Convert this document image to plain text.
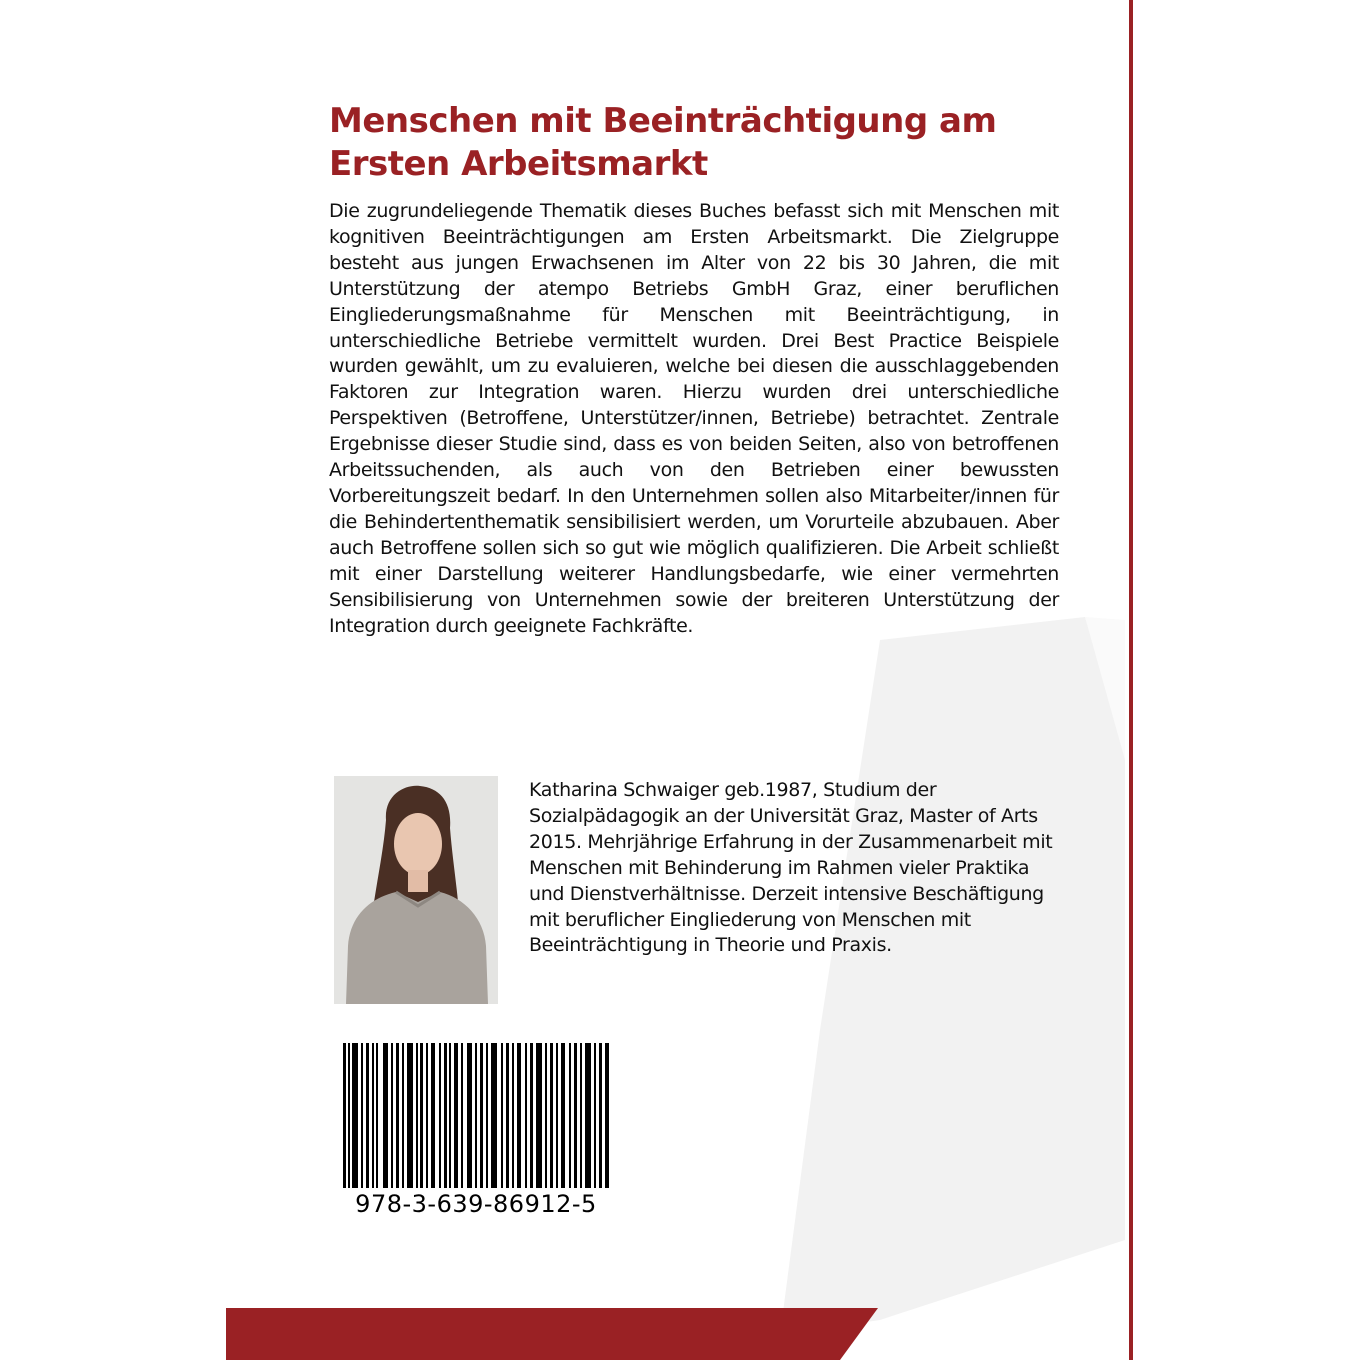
Menschen mit Beeinträchtigung am Ersten Arbeitsmarkt

Die zugrundeliegende Thematik dieses Buches befasst sich mit Menschen mit kognitiven Beeinträchtigungen am Ersten Arbeitsmarkt. Die Zielgruppe besteht aus jungen Erwachsenen im Alter von 22 bis 30 Jahren, die mit Unterstützung der atempo Betriebs GmbH Graz, einer beruflichen Eingliederungsmaßnahme für Menschen mit Beeinträchtigung, in unterschiedliche Betriebe vermittelt wurden. Drei Best Practice Beispiele wurden gewählt, um zu evaluieren, welche bei diesen die ausschlaggebenden Faktoren zur Integration waren. Hierzu wurden drei unterschiedliche Perspektiven (Betroffene, Unterstützer/innen, Betriebe) betrachtet. Zentrale Ergebnisse dieser Studie sind, dass es von beiden Seiten, also von betroffenen Arbeitssuchenden, als auch von den Betrieben einer bewussten Vorbereitungszeit bedarf. In den Unternehmen sollen also Mitarbeiter/innen für die Behindertenthematik sensibilisiert werden, um Vorurteile abzubauen. Aber auch Betroffene sollen sich so gut wie möglich qualifizieren. Die Arbeit schließt mit einer Darstellung weiterer Handlungsbedarfe, wie einer vermehrten Sensibilisierung von Unternehmen sowie der breiteren Unterstützung der Integration durch geeignete Fachkräfte.

Katharina Schwaiger geb.1987, Studium der Sozialpädagogik an der Universität Graz, Master of Arts 2015. Mehrjährige Erfahrung in der Zusammenarbeit mit Menschen mit Behinderung im Rahmen vieler Praktika und Dienstverhältnisse. Derzeit intensive Beschäftigung mit beruflicher Eingliederung von Menschen mit Beeinträchtigung in Theorie und Praxis.

978-3-639-86912-5
